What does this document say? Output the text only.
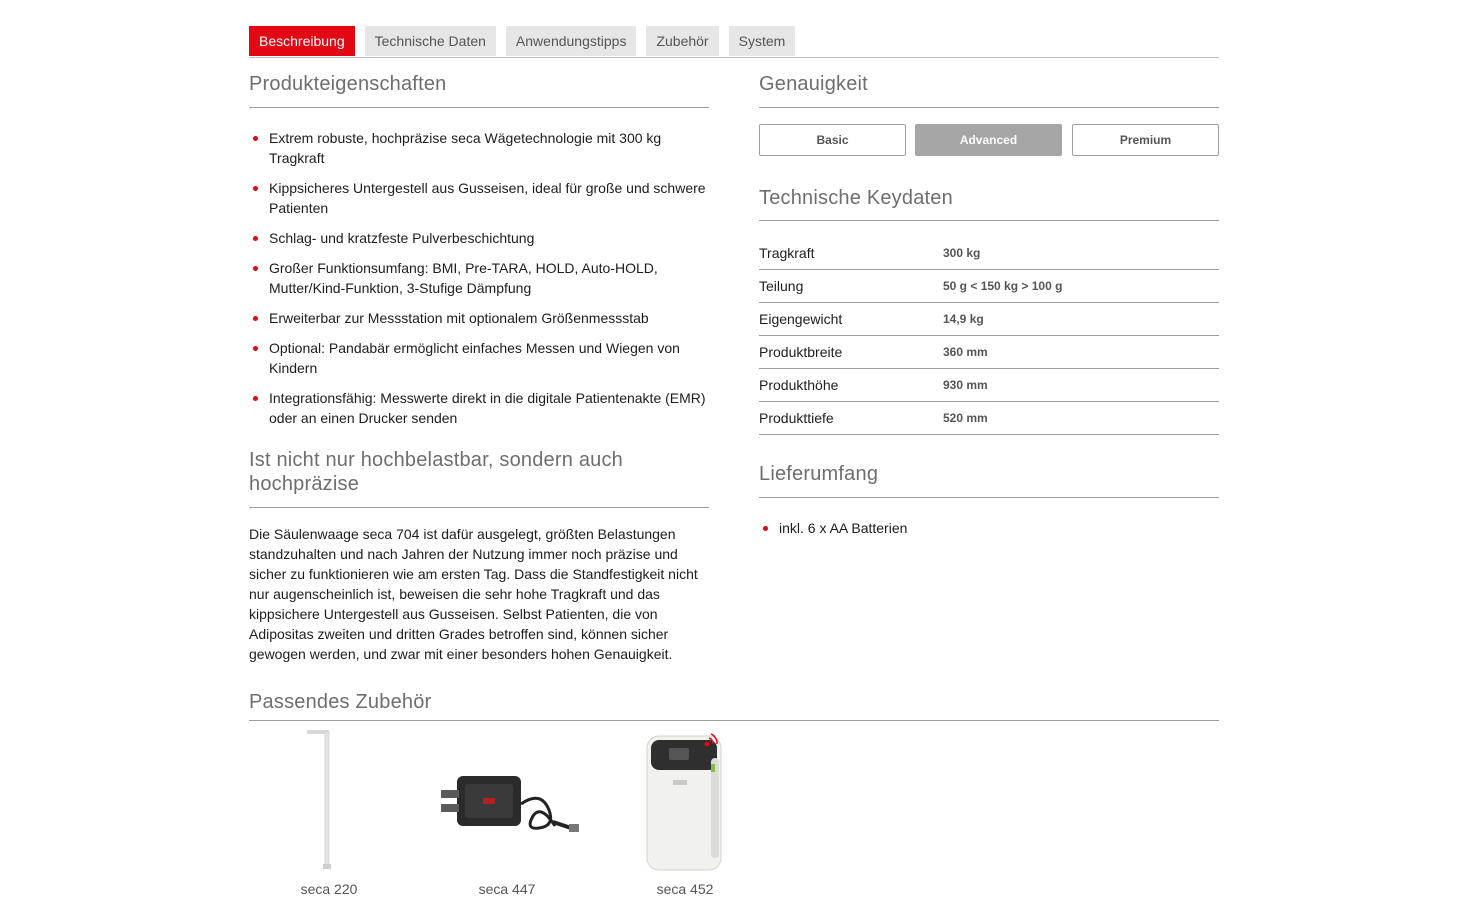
Beschreibung	Technische Daten	Anwendungstipps	Zubehör	System
Produkteigenschaften
Extrem robuste, hochpräzise seca Wägetechnologie mit 300 kg Tragkraft
Kippsicheres Untergestell aus Gusseisen, ideal für große und schwere Patienten
Schlag- und kratzfeste Pulverbeschichtung
Großer Funktionsumfang: BMI, Pre-TARA, HOLD, Auto-HOLD, Mutter/Kind-Funktion, 3-Stufige Dämpfung
Erweiterbar zur Messstation mit optionalem Größenmessstab
Optional: Pandabär ermöglicht einfaches Messen und Wiegen von Kindern
Integrationsfähig: Messwerte direkt in die digitale Patientenakte (EMR) oder an einen Drucker senden
Ist nicht nur hochbelastbar, sondern auch hochpräzise
Die Säulenwaage seca 704 ist dafür ausgelegt, größten Belastungen standzuhalten und nach Jahren der Nutzung immer noch präzise und sicher zu funktionieren wie am ersten Tag. Dass die Standfestigkeit nicht nur augenscheinlich ist, beweisen die sehr hohe Tragkraft und das kippsichere Untergestell aus Gusseisen. Selbst Patienten, die von Adipositas zweiten und dritten Grades betroffen sind, können sicher gewogen werden, und zwar mit einer besonders hohen Genauigkeit.
Genauigkeit
Basic	Advanced	Premium
Technische Keydaten
Tragkraft	300 kg
Teilung	50 g < 150 kg > 100 g
Eigengewicht	14,9 kg
Produktbreite	360 mm
Produkthöhe	930 mm
Produkttiefe	520 mm
Lieferumfang
inkl. 6 x AA Batterien
Passendes Zubehör
seca 220	seca 447	seca 452
